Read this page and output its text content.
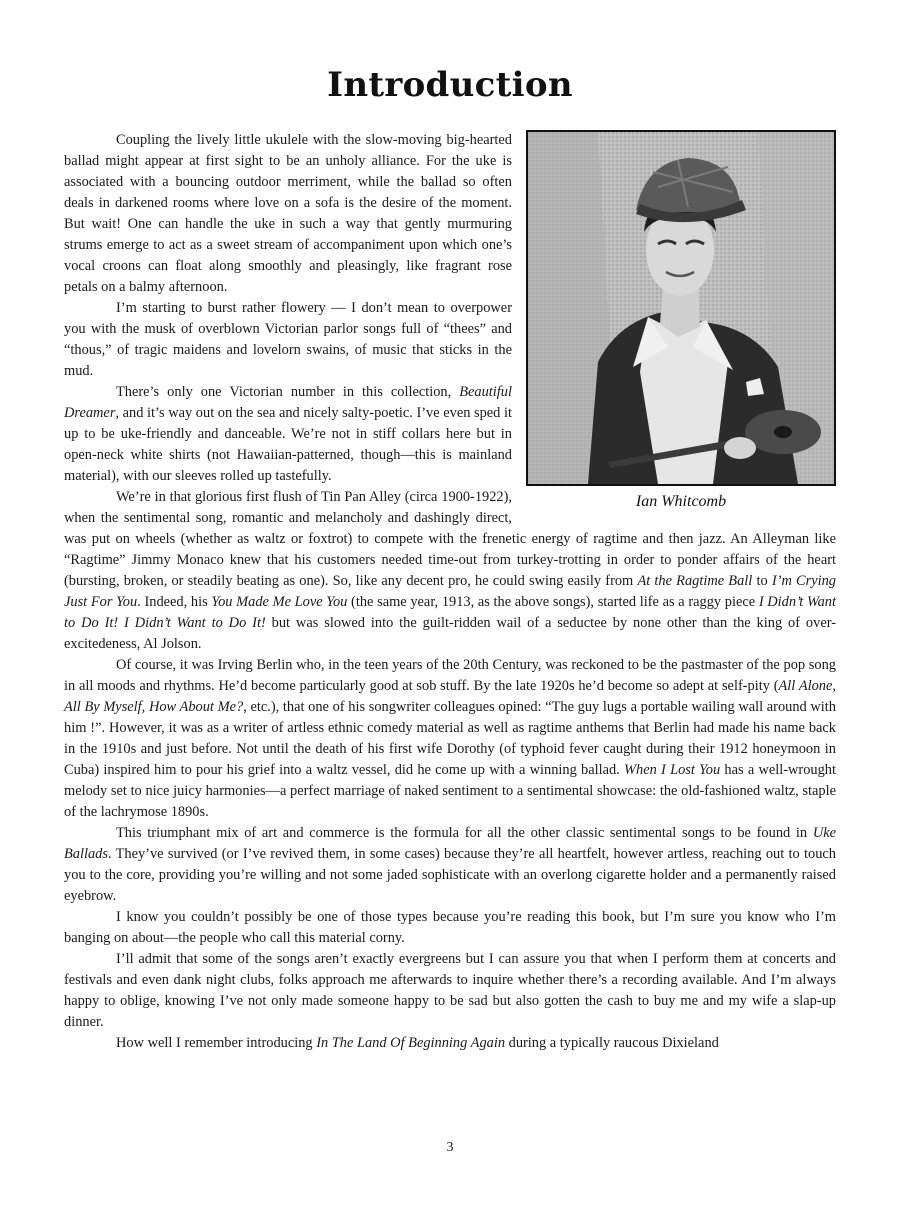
Introduction
Ian Whitcomb

Coupling the lively little ukulele with the slow-moving big-hearted ballad might appear at first sight to be an unholy alliance. For the uke is associated with a bouncing outdoor merriment, while the ballad so often deals in darkened rooms where love on a sofa is the desire of the moment. But wait! One can handle the uke in such a way that gently murmuring strums emerge to act as a sweet stream of accompaniment upon which one’s vocal croons can float along smoothly and pleasingly, like fragrant rose petals on a balmy afternoon.

I’m starting to burst rather flowery — I don’t mean to overpower you with the musk of overblown Victorian parlor songs full of “thees” and “thous,” of tragic maidens and lovelorn swains, of music that sticks in the mud.

There’s only one Victorian number in this collection, Beautiful Dreamer, and it’s way out on the sea and nicely salty-poetic. I’ve even sped it up to be uke-friendly and danceable. We’re not in stiff collars here but in open-neck white shirts (not Hawaiian-patterned, though—this is mainland material), with our sleeves rolled up tastefully.

We’re in that glorious first flush of Tin Pan Alley (circa 1900-1922), when the sentimental song, romantic and melancholy and dashingly direct, was put on wheels (whether as waltz or foxtrot) to compete with the frenetic energy of ragtime and then jazz. An Alleyman like “Ragtime” Jimmy Monaco knew that his customers needed time-out from turkey-trotting in order to ponder affairs of the heart (bursting, broken, or steadily beating as one). So, like any decent pro, he could swing easily from At the Ragtime Ball to I’m Crying Just For You. Indeed, his You Made Me Love You (the same year, 1913, as the above songs), started life as a raggy piece I Didn’t Want to Do It! I Didn’t Want to Do It! but was slowed into the guilt-ridden wail of a seductee by none other than the king of over-excitedeness, Al Jolson.

Of course, it was Irving Berlin who, in the teen years of the 20th Century, was reckoned to be the pastmaster of the pop song in all moods and rhythms. He’d become particularly good at sob stuff. By the late 1920s he’d become so adept at self-pity (All Alone, All By Myself, How About Me?, etc.), that one of his songwriter colleagues opined: “The guy lugs a portable wailing wall around with him !”. However, it was as a writer of artless ethnic comedy material as well as ragtime anthems that Berlin had made his name back in the 1910s and just before. Not until the death of his first wife Dorothy (of typhoid fever caught during their 1912 honeymoon in Cuba) inspired him to pour his grief into a waltz vessel, did he come up with a winning ballad. When I Lost You has a well-wrought melody set to nice juicy harmonies—a perfect marriage of naked sentiment to a sentimental showcase: the old-fashioned waltz, staple of the lachrymose 1890s.

This triumphant mix of art and commerce is the formula for all the other classic sentimental songs to be found in Uke Ballads. They’ve survived (or I’ve revived them, in some cases) because they’re all heartfelt, however artless, reaching out to touch you to the core, providing you’re willing and not some jaded sophisticate with an overlong cigarette holder and a permanently raised eyebrow.

I know you couldn’t possibly be one of those types because you’re reading this book, but I’m sure you know who I’m banging on about—the people who call this material corny.

I’ll admit that some of the songs aren’t exactly evergreens but I can assure you that when I perform them at concerts and festivals and even dank night clubs, folks approach me afterwards to inquire whether there’s a recording available. And I’m always happy to oblige, knowing I’ve not only made someone happy to be sad but also gotten the cash to buy me and my wife a slap-up dinner.

How well I remember introducing In The Land Of Beginning Again during a typically raucous Dixieland

3
